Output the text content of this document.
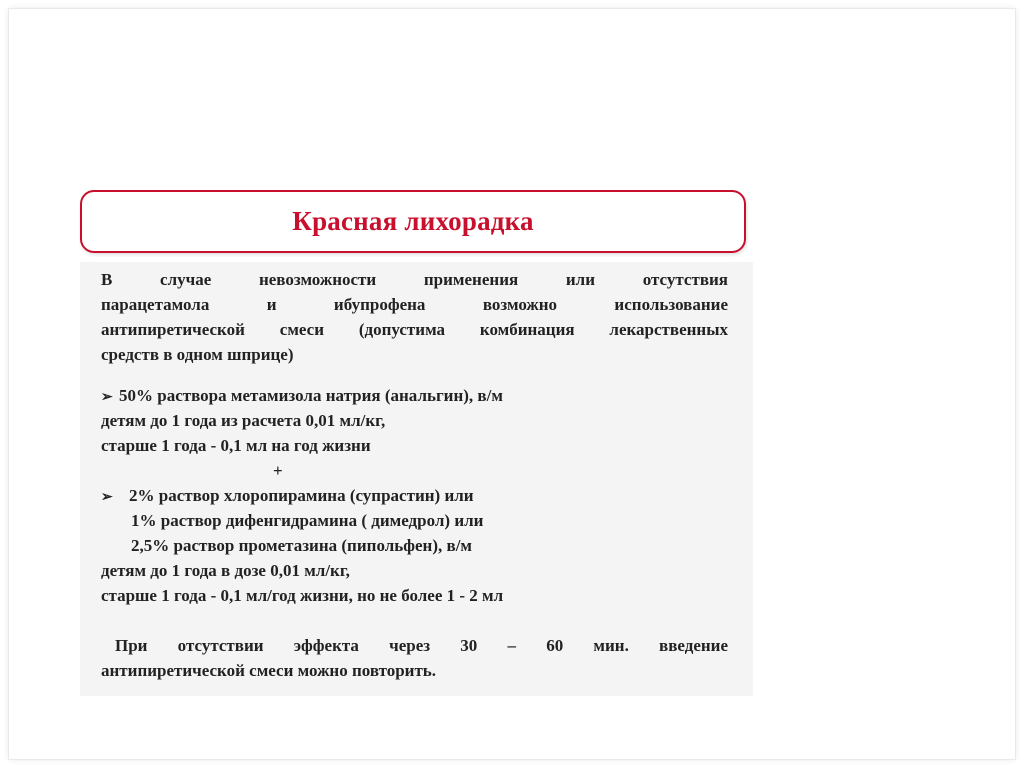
Красная лихорадка
В случае невозможности применения или отсутствия
парацетамола и ибупрофена возможно использование
антипиретической смеси (допустима комбинация лекарственных
средств в одном шприце)
➢ 50% раствора метамизола натрия (анальгин), в/м
детям до 1 года из расчета 0,01 мл/кг,
старше 1 года - 0,1 мл на год жизни
+
➢ 2% раствор хлоропирамина (супрастин) или
1% раствор дифенгидрамина ( димедрол) или
2,5% раствор прометазина (пипольфен), в/м
детям до 1 года в дозе 0,01 мл/кг,
старше 1 года - 0,1 мл/год жизни, но не более 1 - 2 мл
При отсутствии эффекта через 30 – 60 мин. введение
антипиретической смеси можно повторить.
